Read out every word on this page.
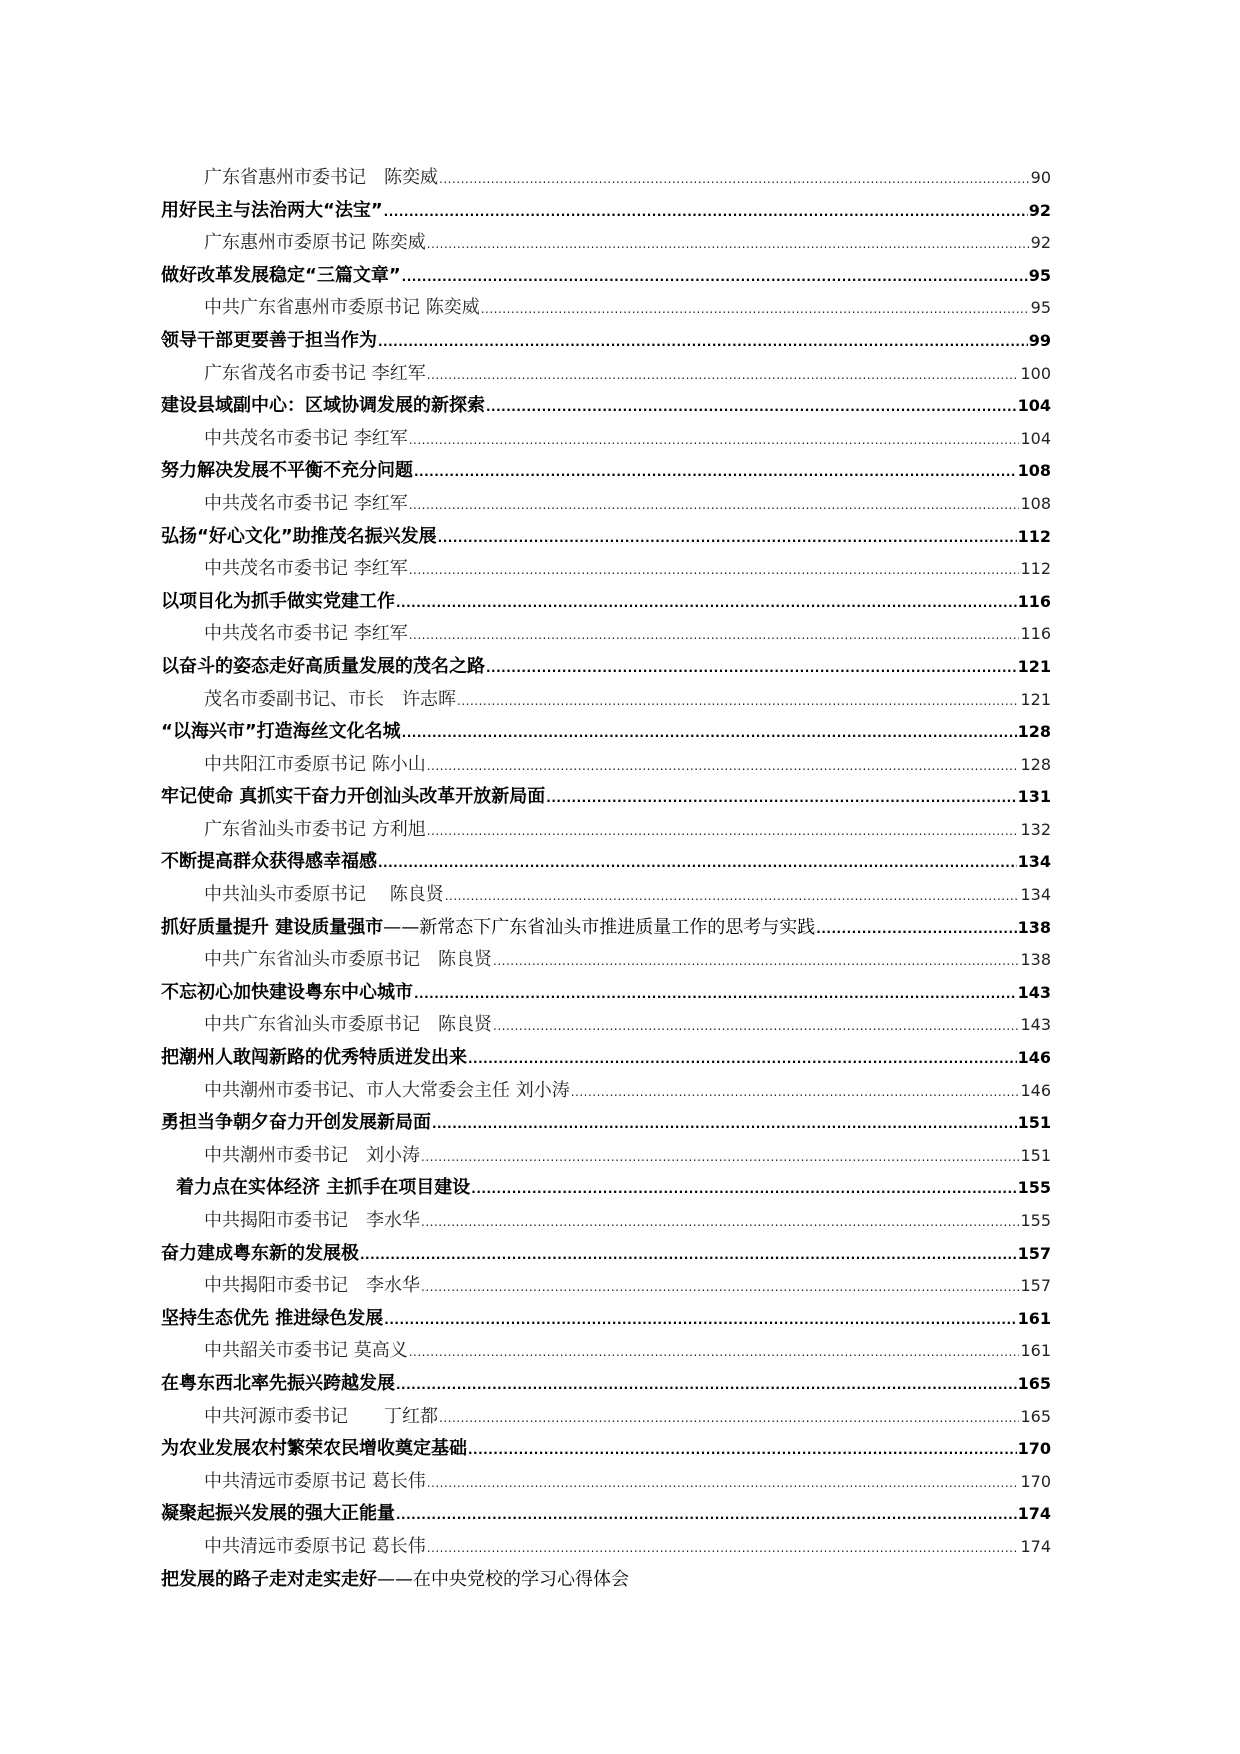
广东省惠州市委书记　陈奕威 .....	90
用好民主与法治两大“法宝” .....	92
广东惠州市委原书记 陈奕威 .....	92
做好改革发展稳定“三篇文章” .....	95
中共广东省惠州市委原书记 陈奕威 .....	95
领导干部更要善于担当作为 .....	99
广东省茂名市委书记 李红军 .....	100
建设县域副中心：区域协调发展的新探索 .....	104
中共茂名市委书记 李红军 .....	104
努力解决发展不平衡不充分问题 .....	108
中共茂名市委书记 李红军 .....	108
弘扬“好心文化”助推茂名振兴发展 .....	112
中共茂名市委书记 李红军 .....	112
以项目化为抓手做实党建工作 .....	116
中共茂名市委书记 李红军 .....	116
以奋斗的姿态走好高质量发展的茂名之路 .....	121
茂名市委副书记、市长　许志晖 .....	121
“以海兴市”打造海丝文化名城 .....	128
中共阳江市委原书记 陈小山 .....	128
牢记使命 真抓实干奋力开创汕头改革开放新局面 .....	131
广东省汕头市委书记 方利旭 .....	132
不断提高群众获得感幸福感 .....	134
中共汕头市委原书记　 陈良贤 .....	134
抓好质量提升 建设质量强市——新常态下广东省汕头市推进质量工作的思考与实践 .....	138
中共广东省汕头市委原书记　陈良贤 .....	138
不忘初心加快建设粤东中心城市 .....	143
中共广东省汕头市委原书记　陈良贤 .....	143
把潮州人敢闯新路的优秀特质迸发出来 .....	146
中共潮州市委书记、市人大常委会主任 刘小涛 .....	146
勇担当争朝夕奋力开创发展新局面 .....	151
中共潮州市委书记　刘小涛 .....	151
着力点在实体经济 主抓手在项目建设 .....	155
中共揭阳市委书记　李水华 .....	155
奋力建成粤东新的发展极 .....	157
中共揭阳市委书记　李水华 .....	157
坚持生态优先 推进绿色发展 .....	161
中共韶关市委书记 莫高义 .....	161
在粤东西北率先振兴跨越发展 .....	165
中共河源市委书记　　丁红都 .....	165
为农业发展农村繁荣农民增收奠定基础 .....	170
中共清远市委原书记 葛长伟 .....	170
凝聚起振兴发展的强大正能量 .....	174
中共清远市委原书记 葛长伟 .....	174
把发展的路子走对走实走好——在中央党校的学习心得体会
